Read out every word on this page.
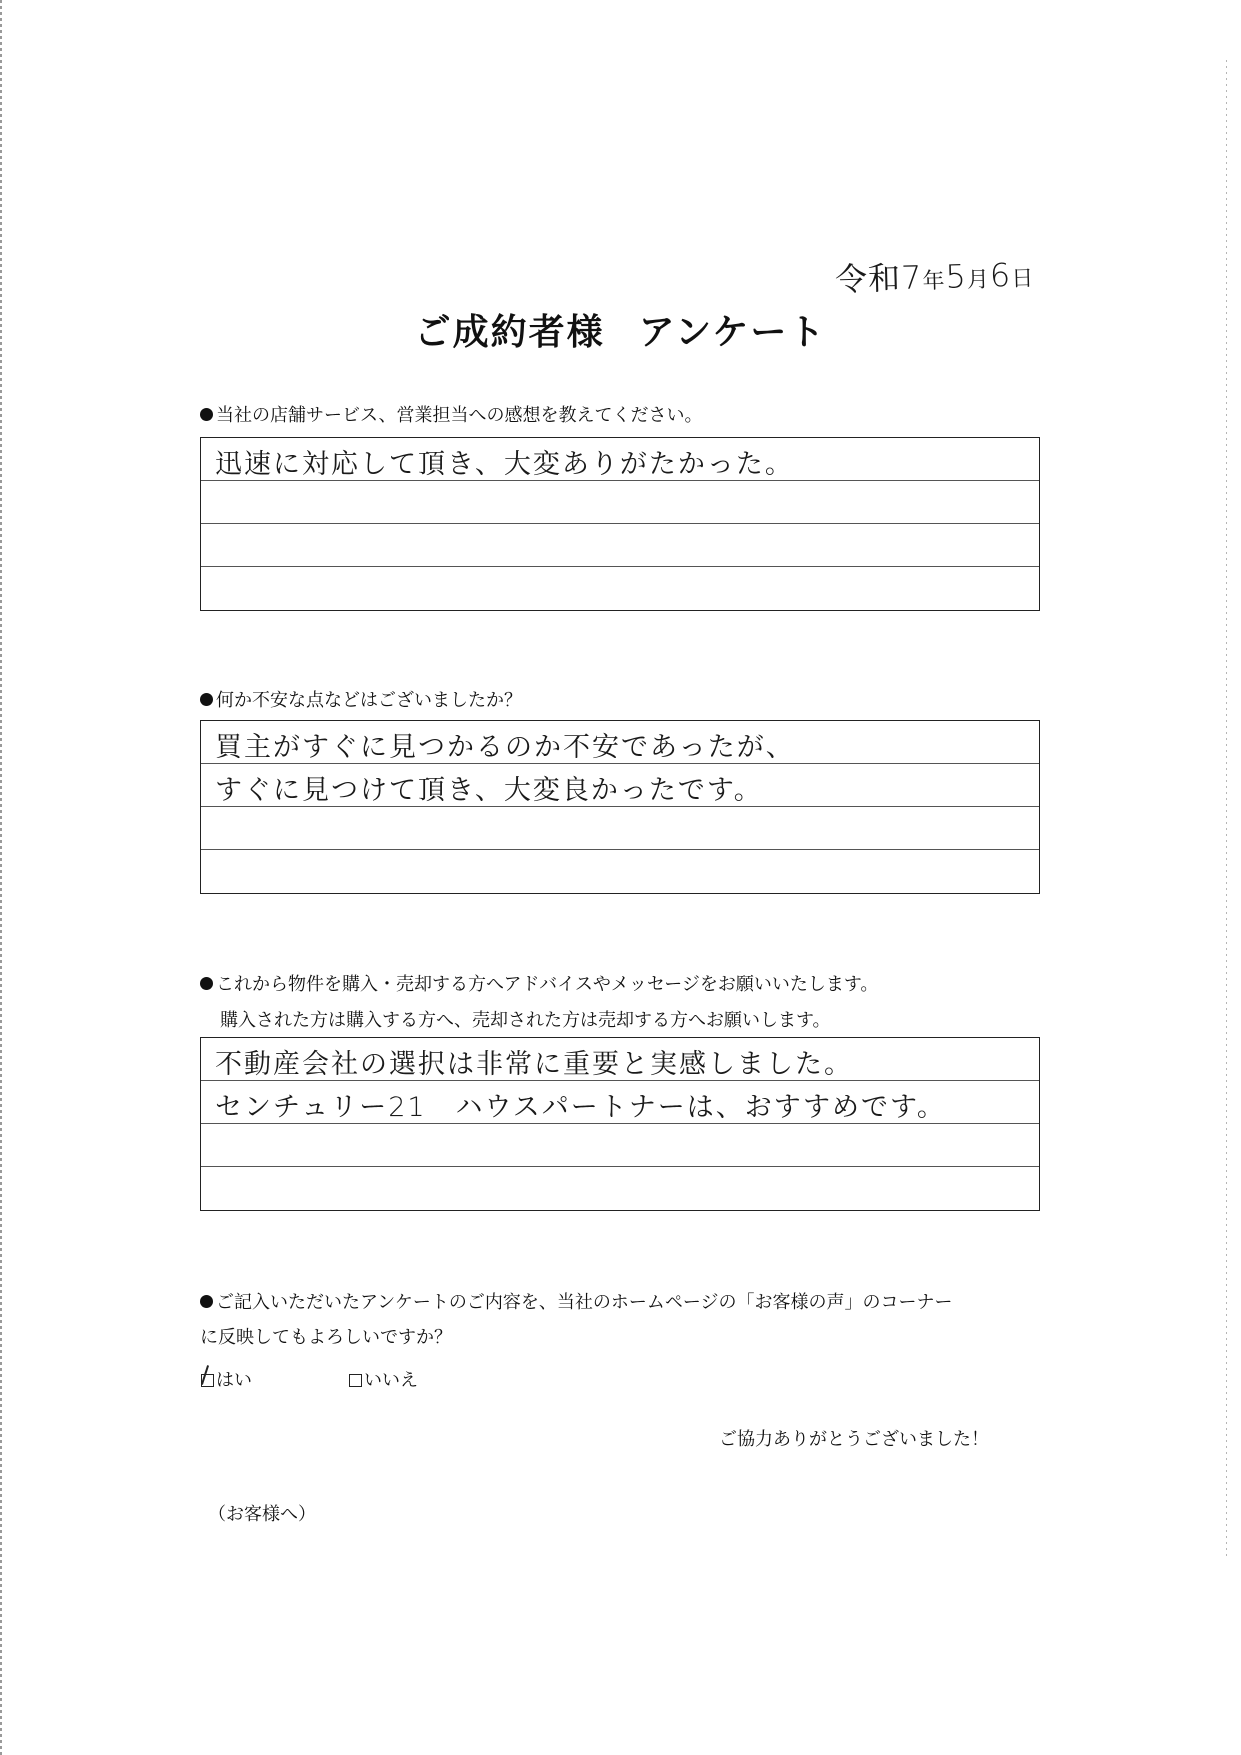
令和7年5月6日
ご成約者様 アンケート
当社の店舗サービス、営業担当への感想を教えてください。
迅速に対応して頂き、大変ありがたかった。
何か不安な点などはございましたか？
買主がすぐに見つかるのか不安であったが、
すぐに見つけて頂き、大変良かったです。
これから物件を購入・売却する方へアドバイスやメッセージをお願いいたします。
購入された方は購入する方へ、売却された方は売却する方へお願いします。
不動産会社の選択は非常に重要と実感しました。
センチュリー21　ハウスパートナーは、おすすめです。
ご記入いただいたアンケートのご内容を、当社のホームページの「お客様の声」のコーナー
に反映してもよろしいですか？
はい	いいえ
ご協力ありがとうございました！
（お客様へ）
